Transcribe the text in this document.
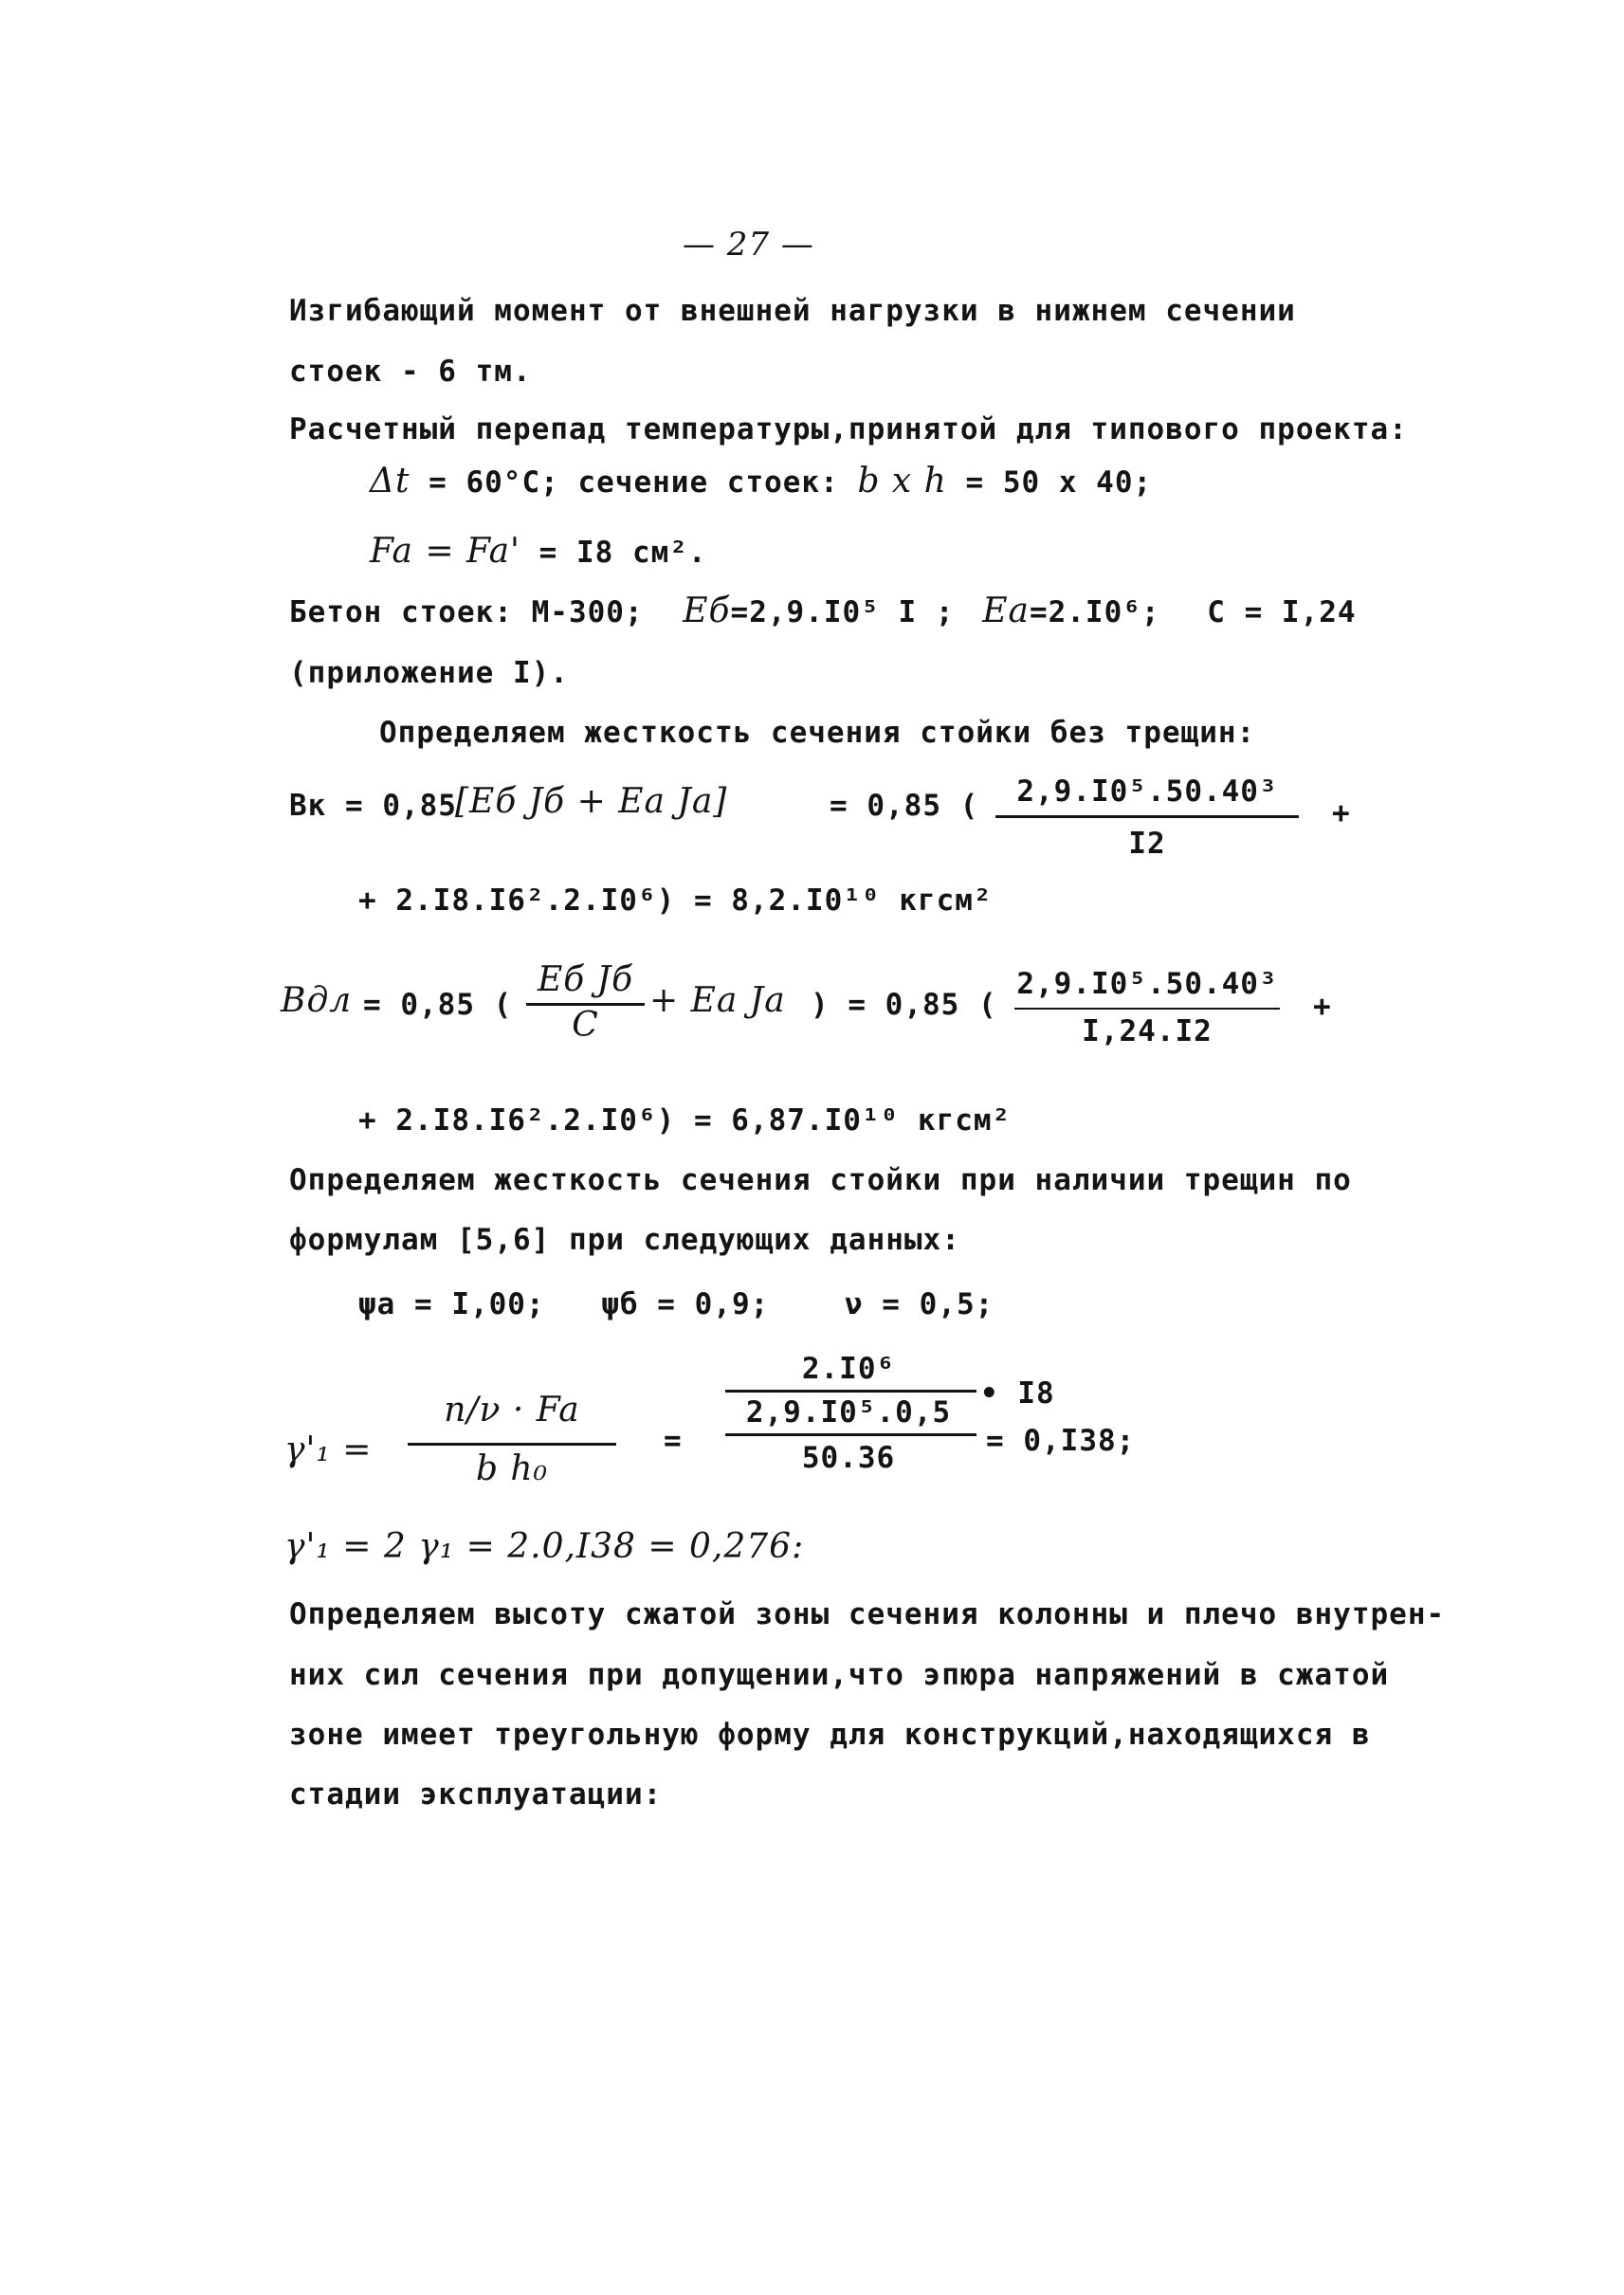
— 27 —
Изгибающий момент от внешней нагрузки в нижнем сечении
стоек - 6 тм.
Расчетный перепад температуры,принятой для типового проекта:
Δt = 60°C; сечение стоек: b x h = 50 x 40;
Fa = Fa' = I8 см².
Бетон стоек: М-300; Eб=2,9.I0⁵ I ; Ea=2.I0⁶; C = I,24
(приложение I).
Определяем жесткость сечения стойки без трещин:
Вк = 0,85
[Eб Jб + Ea Ja]	= 0,85 (	2,9.I0⁵.50.40³
I2
+
+ 2.I8.I6².2.I0⁶) = 8,2.I0¹⁰ кгсм²
Bдл = 0,85 (
Eб Jб
C
+ Ea Ja ) = 0,85 (
2,9.I0⁵.50.40³
I,24.I2
+
+ 2.I8.I6².2.I0⁶) = 6,87.I0¹⁰ кгсм²
Определяем жесткость сечения стойки при наличии трещин по
формулам [5,6] при следующих данных:
ψa = I,00; ψб = 0,9;	ν = 0,5;
γ'₁ =
n/ν · Fa
b h₀
=
2.I0⁶
• I8
2,9.I0⁵.0,5
50.36	= 0,I38;
γ'₁ = 2 γ₁ = 2.0,I38 = 0,276:
Определяем высоту сжатой зоны сечения колонны и плечо внутрен-
них сил сечения при допущении,что эпюра напряжений в сжатой
зоне имеет треугольную форму для конструкций,находящихся в
стадии эксплуатации:
